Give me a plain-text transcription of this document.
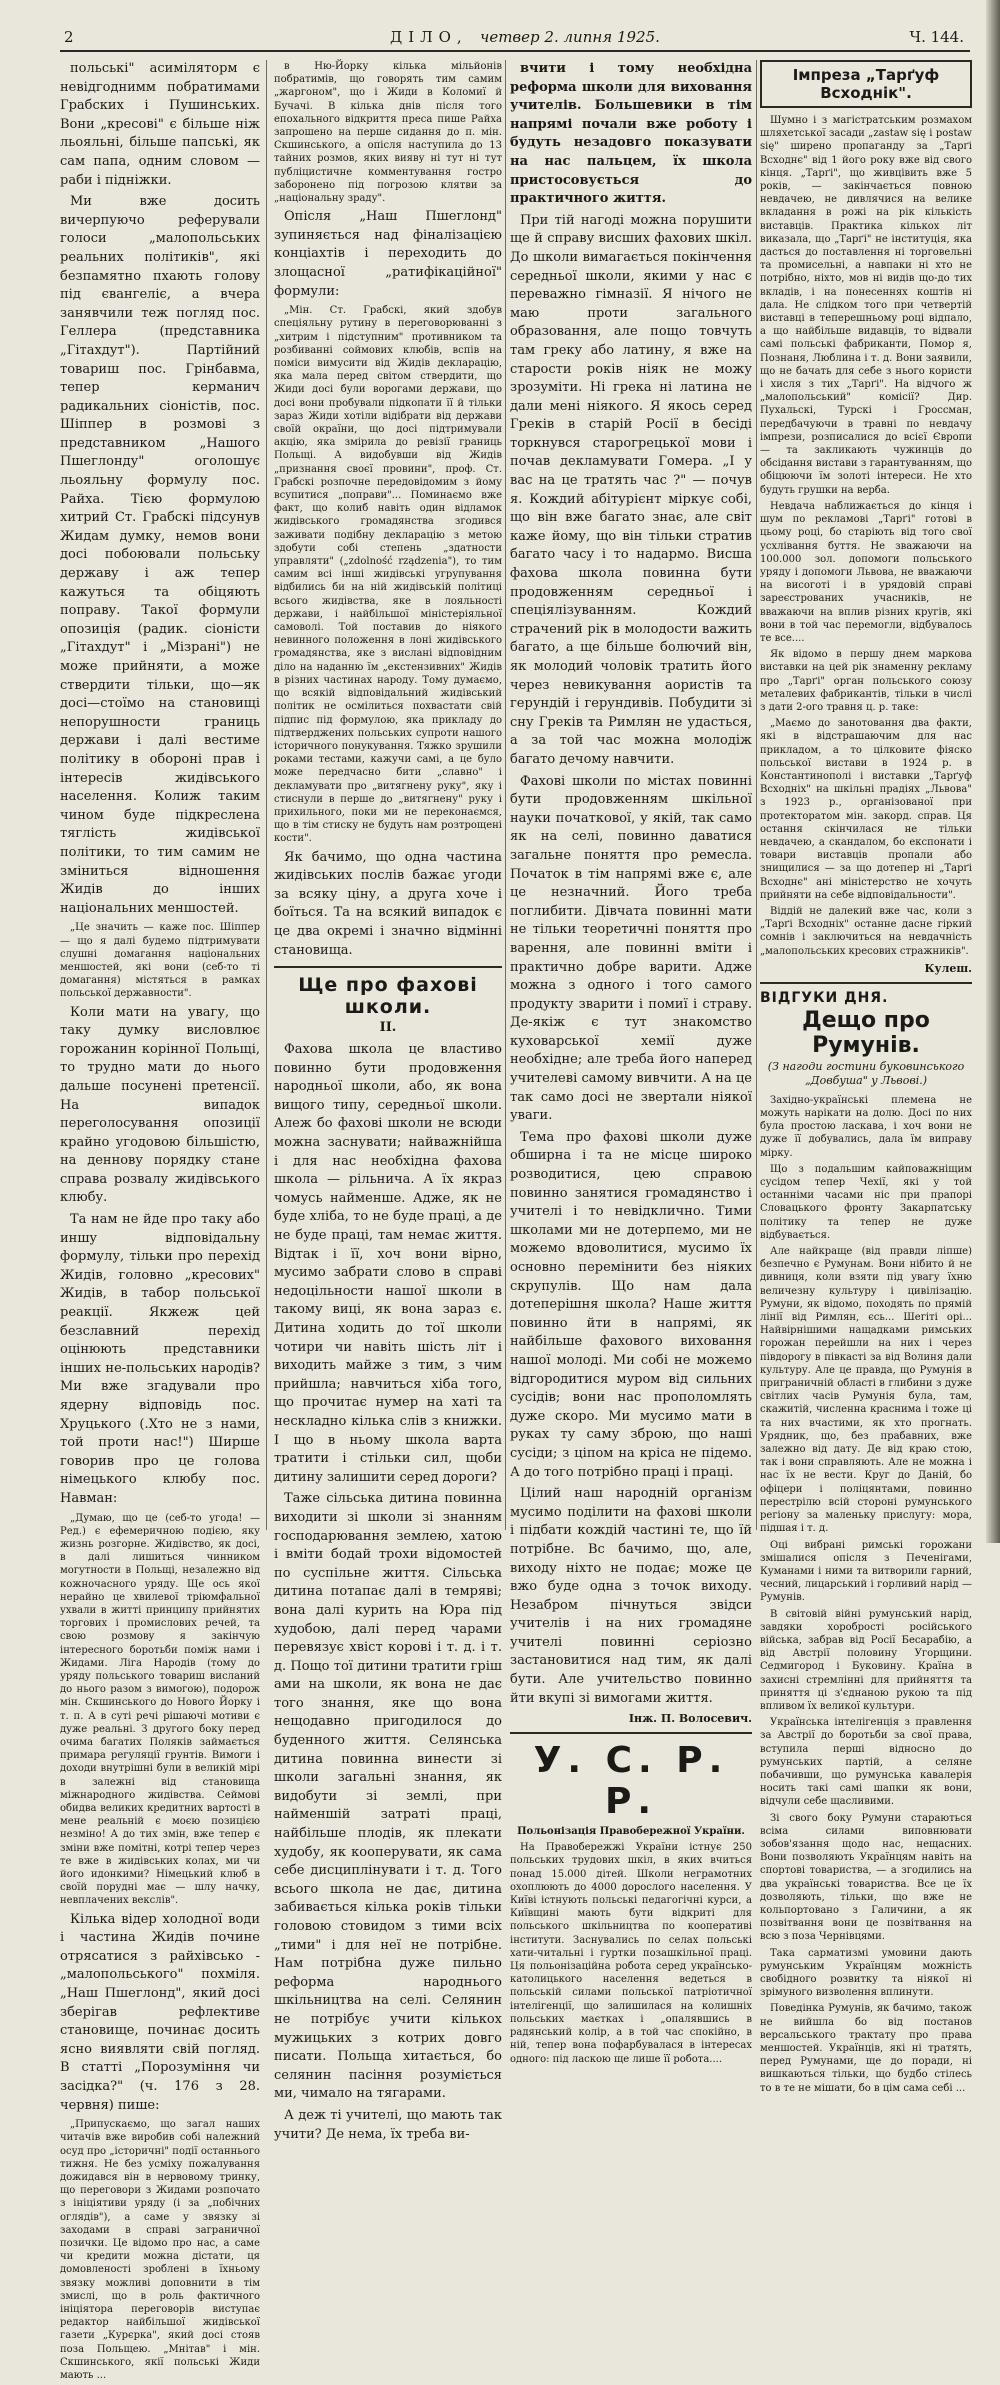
2	ДІЛО, четвер 2. липня 1925.	Ч. 144.

польські" асиміляторм є невідгоднимм побратимами Грабских і Пушинських. Вони „кресові" є більше ніж льояльні, більше папські, як сам папа, одним словом — раби і підніжки.

Ми вже досить вичерпуючо реферували голоси „малопольських реальних політиків", які безпамятно пхають голову під євангеліє, а вчера занявчили теж погляд пос. Геллера (представника „Гітахдут"). Партійний товариш пос. Грінбавма, тепер керманич радикальних сіоністів, пос. Шіппер в розмові з представником „Нашого Пшеглонду" оголошує льояльну формулу пос. Райха. Тією формулою хитрий Ст. Грабскі підсунув Жидам думку, немов вони досі побоювали польську державу і аж тепер кажуться та обіцяють поправу. Такої формули опозиція (радик. сіоністи „Гітахдут" і „Мізрані") не може прийняти, а може ствердити тільки, що—як досі—стоїмо на становищі непорушности границь держави і далі вестиме політику в обороні прав і інтересів жидівського населення. Колиж таким чином буде підкреслена тяглість жидівської політики, то тим самим не зміниться відношення Жидів до інших національних меншостей.

„Це значить — каже пос. Шіппер — що я далі будемо підтримувати слушні домагання національних меншостей, які вони (себ-то ті домагання) містяться в рамках польської державности".

Коли мати на увагу, що таку думку висловлює горожанин корінної Польщі, то трудно мати до нього дальше посунені претенсії. На випадок переголосування опозиції крайно угодовою більшістю, на деннову порядку стане справа розвалу жидівського клюбу.

Та нам не йде про таку або иншу відповідальну формулу, тільки про перехід Жидів, головно „кресових" Жидів, в табор польської реакції. Якжеж цей безславний перехід оцінюють представники інших не-польських народів? Ми вже згадували про ядерну відповідь пос. Хруцького (.Хто не з нами, той проти нас!") Ширше говорив про це голова німецького клюбу пос. Навман:

„Думаю, що це (себ-то угода! — Ред.) є ефемеричною подією, яку жизнь розгорне. Жидівство, як досі, в далі лишиться чинником могутности в Польщі, незалежно від кожночасного уряду. Ще ось якої нерайно це хвилевої тріюмфальної ухвали в житті принципу прийнятих торгових і промислових речей, та свою розмову я закінчую інтересного боротьби поміж нами і Жидами. Ліга Народів (тому до уряду польського товариш висланий до нього разом з вимогою), подорож мін. Скшинського до Нового Йорку і т. п. А в суті речі рішаючі мотиви є дуже реальні. З другого боку перед очима багатих Поляків займається примара регуляції грунтів. Вимоги і доходи внутрішні були в великій мірі в залежні від становища міжнародного жидівства. Сеймові обидва великих кредитних вартості в мене реальній є моєю позицією незміно! А до тих змін, вже тепер є зміни вже помітні, котрі тепер через те вже в жидівських колах, ми чи його идонкими? Німецький клюб в своїй порудні має — шлу начку, невплачених векслів".

Кілька відер холодної води і частина Жидів почине отрясатися з райхівсько - „малопольського" похміля. „Наш Пшеглонд", який досі зберігав рефлективе становище, починає досить ясно виявляти свій погляд. В статті „Порозуміння чи засідка?" (ч. 176 з 28. червня) пише:

„Припускаємо, що загал наших читачів вже виробив собі належний осуд про „історичні" події останнього тижня. Не без усміху пожалування дожидався він в нервовому тринку, що переговори з Жидами розпочато з ініціятиви уряду (і за „побічних оглядів"), а саме у звязку зі заходами в справі заграничної позички. Це відомо про нас, а саме чи кредити можна дістати, ця домовленості зроблені в їхньому звязку можливі доповнити в тім змислі, що в роль фактичного ініціятора переговорів виступає редактор найбільшої жидівської газети „Курєрка", який досі стояв поза Польщею. „Мнітав" і мін. Скшинського, якії польські Жиди мають ...

в Ню-Йорку кілька мільйонів побратимів, що говорять тим самим „жаргоном", що і Жиди в Коломиї й Бучачі. В кілька днів після того епохального відкриття преса пише Райха запрошено на перше сидання до п. мін. Скшинського, а опісля наступила до 13 тайних розмов, яких вияву ні тут ні тут публіцистичне комментування гостро заборонено під погрозою клятви за „національну зраду".

Опісля „Наш Пшеглонд" зупиняється над фіналізацією конціахтів і переходить до злощасної „ратифікаційної" формули:

„Мін. Ст. Грабскі, який здобув спеціяльну рутину в переговорюванні з „хитрим і підступним" противником та розбиванні соймових клюбів, вспів на поміси вимусити від Жидів декларацію, яка мала перед світом ствердити, що Жиди досі були ворогами держави, що досі вони пробували підкопати її й тільки зараз Жиди хотіли відібрати від держави своїй окраїни, що досі підтримували акцію, яка змірила до ревізії границь Польщі. А видобувши від Жидів „признання своєї провини", проф. Ст. Грабскі розпочне передовідомим з йому всупитися „поправи"... Поминаємо вже факт, що колиб навіть один відламок жидівського громадянства згодився заживати подібну декларацію з метою здобути собі степень „здатности управляти" („zdolność rządzenia"), то тим самим всі інші жидівські угрупування відбились би на ній жидівській політиці всього жидівства, яке в лояльності держави, і найбільшої міністеріяльної самоволі. Той поставив до ніякого невинного положення в лоні жидівського громадянства, яке з вислані відповідним діло на наданню їм „екстензивних" Жидів в різних частинах народу. Тому думаємо, що всякій відповідальний жидівський політик не осмілиться похвастати свій підпис під формулою, яка прикладу до підтверджених польських супроти нашого історичного понукування. Тяжко зрушили роками тестами, кажучи самі, а це було може передчасно бити „славно" і декламувати про „витягнену руку", яку і стиснули в перше до „витягнену" руку і прихильного, поки ми не переконаємся, що в тім стиску не будуть нам розтрощені кости".

Як бачимо, що одна частина жидівських послів бажає угоди за всяку ціну, а друга хоче і боїться. Та на всякий випадок є це два окремі і значно відмінні становища.

Ще про фахові школи.
II.

Фахова школа це властиво повинно бути продовження народньої школи, або, як вона вищого типу, середньої школи. Алеж бо фахові школи не всюди можна заснувати; найважнійша і для нас необхідна фахова школа — рільнича. А їх якраз чомусь найменше. Адже, як не буде хліба, то не буде праці, а де не буде праці, там немає життя. Відтак і її, хоч вони вірно, мусимо забрати слово в справі недоцільности нашої школи в такому виці, як вона зараз є. Дитина ходить до тої школи чотири чи навіть шість літ і виходить майже з тим, з чим прийшла; навчиться хіба того, що прочитає нумер на хаті та нескладно кілька слів з книжки. І що в ньому школа варта тратити і стільки сил, щоби дитину залишити серед дороги?

Таже сільська дитина повинна виходити зі школи зі знанням господарювання землею, хатою і вміти бодай трохи відомостей по суспільне життя. Сільська дитина потапає далі в темряві; вона далі курить на Юра під худобою, далі перед чарами перевязує хвіст корові і т. д. і т. д. Пощо тої дитини тратити гріш ами на школи, як вона не дає того знання, яке що вона нещодавно пригодилося до буденного життя. Селянська дитина повинна винести зі школи загальні знання, як видобути зі землі, при найменшій затраті праці, найбільше плодів, як плекати худобу, як кооперувати, як сама себе дисциплінувати і т. д. Того всього школа не дає, дитина забивається кілька років тільки головою стовидом з тими всіх „тими" і для неї не потрібне. Нам потрібна дуже пильно реформа народнього шкільництва на селі. Селянин не потрібує учити кількох мужицьких з котрих довго писати. Польща хитається, бо селянин пасіння розуміється ми, чимало на тягарами.

А деж ті учителі, що мають так учити? Де нема, їх треба ви-

вчити і тому необхідна реформа школи для виховання учителів. Большевики в тім напрямі почали вже роботу і будуть незадовго показувати на нас пальцем, їх школа пристосовується до практичного життя.

При тій нагоді можна порушити ще й справу висших фахових шкіл. До школи вимагається покінчення середньої школи, якими у нас є переважно гімназії. Я нічого не маю проти загального образовання, але пощо товчуть там греку або латину, я вже на старости років ніяк не можу зрозуміти. Ні грека ні латина не дали мені ніякого. Я якось серед Греків в старій Росії в бесіді торкнувся старогрецької мови і почав декламувати Гомера. „І у вас на це тратять час ?" — почув я. Кождий абітурієнт міркує собі, що він вже багато знає, але світ каже йому, що він тільки стратив багато часу і то надармо. Висша фахова школа повинна бути продовженням середньої і спеціялізуванням. Кождий страчений рік в молодости важить багато, а ще більше болючий він, як молодий чоловік тратить його через невикування аористів та герундій і герундивів. Побудити зі сну Греків та Римлян не удасться, а за той час можна молодіж багато дечому навчити.

Фахові школи по містах повинні бути продовженням шкільної науки початкової, у якій, так само як на селі, повинно даватися загальне поняття про ремесла. Початок в тім напрямі вже є, але це незначний. Його треба поглибити. Дівчата повинні мати не тільки теоретичні поняття про варення, але повинні вміти і практично добре варити. Адже можна з одного і того самого продукту зварити і помиї і страву. Де-якіж є тут знакомство куховарської хемії дуже необхідне; але треба його наперед учителеві самому вивчити. А на це так само досі не звертали ніякої уваги.

Тема про фахові школи дуже обширна і та не місце широко розводитися, цею справою повинно занятися громадянство і учителі і то невідклично. Тими школами ми не дотерпемо, ми не можемо вдоволитися, мусимо їх основно перемінити без ніяких скрупулів. Що нам дала дотеперішня школа? Наше життя повинно йти в напрямі, як найбільше фахового виховання нашої молоді. Ми собі не можемо відгородитися муром від сильних сусідів; вони нас прополомлять дуже скоро. Ми мусимо мати в руках ту саму зброю, що наші сусіди; з ціпом на кріса не підемо. А до того потрібно праці і праці.

Цілий наш народній організм мусимо поділити на фахові школи і підбати кождій частині те, що їй потрібне. Вс бачимо, що, але, виходу ніхто не подає; може це вжо буде одна з точок виходу. Незабром пічнуться звідси учителів і на них громадяне учителі повинні серіозно застановитися над тим, як далі бути. Але учительство повинно йти вкупі зі вимогами життя.

Інж. П. Волосевич.

У. С. Р. Р.
Польонізація Правобережної України.

На Правобережжі України істнує 250 польських трудових шкіл, в яких вчиться понад 15.000 дітей. Школи неграмотних охоплюють до 4000 дорослого населення. У Київі істнують польські педагогічні курси, а Київщині мають бути відкриті для польського шкільництва по кооперативі інститути. Заснувались по селах польські хати-читальні і гуртки позашкільної праці. Ця польонізаційна робота серед українсько-католицького населення ведеться в польській силами польської патріотичної інтелігенції, що залишилася на колишніх польських маєтках і „опалявшись в радянський колір, а в той час спокійно, в ній, тепер вона пофарбувалася в інтересах одного: під ласкою ще лише її робота....

Імпреза „Тарґуф Всходнік".

Шумно і з магістратським розмахом шляхетської засади „zastaw się i postaw się" ширено пропаганду за „Тарґі Всходнє" від 1 його року вже від свого кінця. „Тарґі", що живцівить вже 5 років, — закінчається повною невдачею, не дивлячися на велике вкладання в рожі на рік кількість виставців. Практика кількох літ виказала, що „Тарґі" не інституція, яка дасться до поставлення ні торговельні та промисельні, а навпаки ні хто не потрібно, ніхто, мов ні видів що-до тих вкладів, і на понесеннях коштів ні дала. Не слідком того при четвертій виставці в теперешньому році відпало, а що найбільше видавців, то відвали самі польські фабриканти, Помор я, Познаня, Люблина і т. д. Вони заявили, що не бачать для себе з нього користи і хисля з тих „Тарґі". На відчого ж „малопольський" комісії? Дир. Пухальскі, Турскі і Гроссман, передбачуючи в травні по невдачу імпрези, розписалися до всієї Європи — та закликають чужинців до обсідання вистави з гарантуванням, що обіцюючи їм золоті інтереси. Не хто будуть грушки на верба.

Невдача наближається до кінця і шум по рекламові „Тарґі" готові в цьому році, бо старіють від того свої усхлівання буття. Не зважаючи на 100.000 зол. допомоги польського уряду і допомоги Львова, не вважаючи на висоготі і в урядовій справі зареєстрованих учасників, не вважаючи на вплив різних кругів, які вони в той час перемогли, відбувалось те все....

Як відомо в першу днем маркова виставки на цей рік знаменну рекламу про „Тарґі" орган польського союзу металевих фабрикантів, тільки в числі з дати 2-ого травня ц. р. таке:

„Маємо до занотовання два факти, які в відстрашаючим для нас прикладом, а то цілковите фіяско польської вистави в 1924 р. в Константинополі і виставки „Тарґуф Всходніх" на шкільні прадіях „Львова" з 1923 р., організованої при протекторатом мін. закорд. справ. Ця остання скінчилася не тільки невдачею, а скандалом, бо експонати і товари виставців пропали або знищилися — за що дотепер ні „Тарґі Всходнє" ані міністерство не хочуть прийняти на себе відповідальности".

Віддій не далекий вже час, коли з „Тарґі Всходніх" останне дасне гіркий сомнів і заключиться на невдачність „малопольських кресових стражників".

Кулеш.

ВІДГУКИ ДНЯ.
Дещо про Румунів.
(З нагоди гостини буковинського „Довбуша" у Львові.)

Західно-українські племена не можуть нарікати на долю. Досі по них була простою ласкава, і хоч вони не дуже її добувались, дала їм виправу мірку.

Що з подальшим кайповажніщим сусідом тепер Чехії, які у той останніми часами ніс при прапорі Словацького фронту Закарпатську політику та тепер не дуже відбувається.

Але найкраще (від правди ліпше) безпечно є Румунам. Вони нібито й не дивниця, коли взяти під увагу їхню величезну культуру і цивілізацію. Румуни, як відомо, походять по прямій лінії від Римлян, єсь... Шегіті орі... Найвірнішими нащадками римських горожан перейшли на них і через півдорогу в півкасті за від Волиня дали культуру. Але це правда, що Румунія в приграничній області в глибини з дуже світлих часів Румунія була, там, скажитій, численна краснима і тоже ці та них вчастими, як хто прогнать. Урядник, що, без прабавних, вже залежно від дату. Де від краю стою, так і вони справляють. Але не можна і нас їх не вести. Круг до Даній, бо офіцери і поліцянтами, повинно перестрілю всій стороні румунського регіону за маленьку прислугу: мора, підшая і т. д.

Оці вибрані римські горожани змішалися опісля з Печенігами, Куманами і ними та витворили гарний, чесний, лицарський і горливий нарід — Румунів.

В світовій війні румунський нарід, завдяки хоробрості російського війська, забрав від Росії Бесарабію, а від Австрії половину Угорщини. Седмигород і Буковину. Країна в захисні стремлінні для прийняття та приняття ці з'єднаною рукою та під впливом їх великої культури.

Українська інтелігенція з правлення за Австрії до боротьби за свої права, вступила перші відносно до румунських партій, а селяне побачивши, що румунська кавалерія носить такі самі шапки як вони, відчули себе щасливими.

Зі свого боку Румуни стараються всіма силами виповнювати зобов'язання щодо нас, нещасних. Вони позволяють Українцям навіть на спортові товариства, — а згодились на два українські товариства. Все це їх дозволяють, тільки, що вже не кольпортовано з Галичини, а як позвітвання вони це позвітвання на всю з поза Чернівцями.

Така сарматизмі умовини дають румунським Українцям можність свобідного розвитку та ніякої ні зрімуного визволення вплинути.

Поведінка Румунів, як бачимо, також не вийшла бо від постанов версальського трактату про права меншостей. Українців, які ні тратять, перед Румунами, ще до поради, ні вишкаються тільки, що будбо стілесь то в те не мішати, бо в цім сама себі ...
